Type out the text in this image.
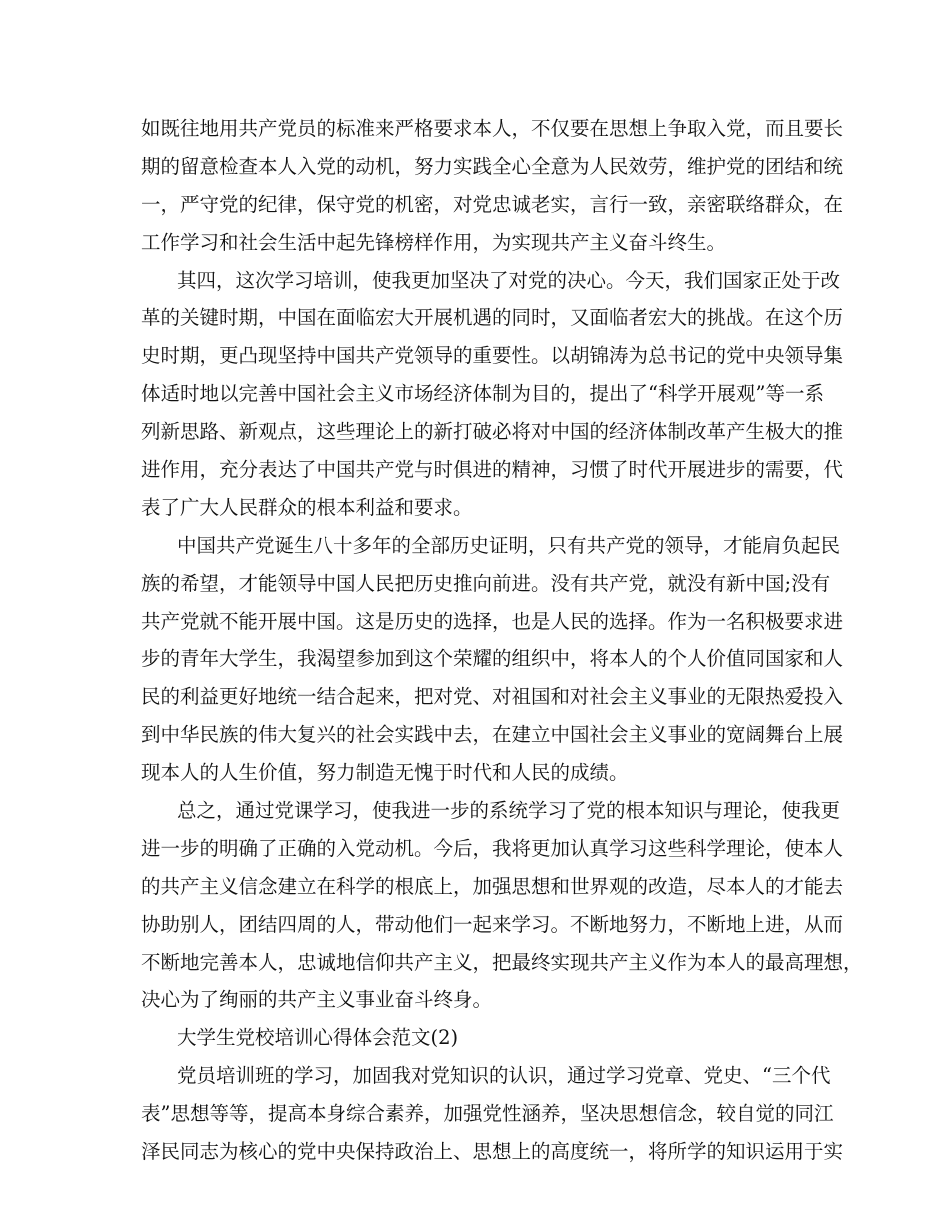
如既往地用共产党员的标准来严格要求本人，不仅要在思想上争取入党，而且要长
期的留意检查本人入党的动机，努力实践全心全意为人民效劳，维护党的团结和统
一，严守党的纪律，保守党的机密，对党忠诚老实，言行一致，亲密联络群众，在
工作学习和社会生活中起先锋榜样作用，为实现共产主义奋斗终生。
其四，这次学习培训，使我更加坚决了对党的决心。今天，我们国家正处于改
革的关键时期，中国在面临宏大开展机遇的同时，又面临者宏大的挑战。在这个历
史时期，更凸现坚持中国共产党领导的重要性。以胡锦涛为总书记的党中央领导集
体适时地以完善中国社会主义市场经济体制为目的，提出了“科学开展观”等一系
列新思路、新观点，这些理论上的新打破必将对中国的经济体制改革产生极大的推
进作用，充分表达了中国共产党与时俱进的精神，习惯了时代开展进步的需要，代
表了广大人民群众的根本利益和要求。
中国共产党诞生八十多年的全部历史证明，只有共产党的领导，才能肩负起民
族的希望，才能领导中国人民把历史推向前进。没有共产党，就没有新中国;没有
共产党就不能开展中国。这是历史的选择，也是人民的选择。作为一名积极要求进
步的青年大学生，我渴望参加到这个荣耀的组织中，将本人的个人价值同国家和人
民的利益更好地统一结合起来，把对党、对祖国和对社会主义事业的无限热爱投入
到中华民族的伟大复兴的社会实践中去，在建立中国社会主义事业的宽阔舞台上展
现本人的人生价值，努力制造无愧于时代和人民的成绩。
总之，通过党课学习，使我进一步的系统学习了党的根本知识与理论，使我更
进一步的明确了正确的入党动机。今后，我将更加认真学习这些科学理论，使本人
的共产主义信念建立在科学的根底上，加强思想和世界观的改造，尽本人的才能去
协助别人，团结四周的人，带动他们一起来学习。不断地努力，不断地上进，从而
不断地完善本人，忠诚地信仰共产主义，把最终实现共产主义作为本人的最高理想，
决心为了绚丽的共产主义事业奋斗终身。
大学生党校培训心得体会范文(2)
党员培训班的学习，加固我对党知识的认识，通过学习党章、党史、“三个代
表”思想等等，提高本身综合素养，加强党性涵养，坚决思想信念，较自觉的同江
泽民同志为核心的党中央保持政治上、思想上的高度统一，将所学的知识运用于实
